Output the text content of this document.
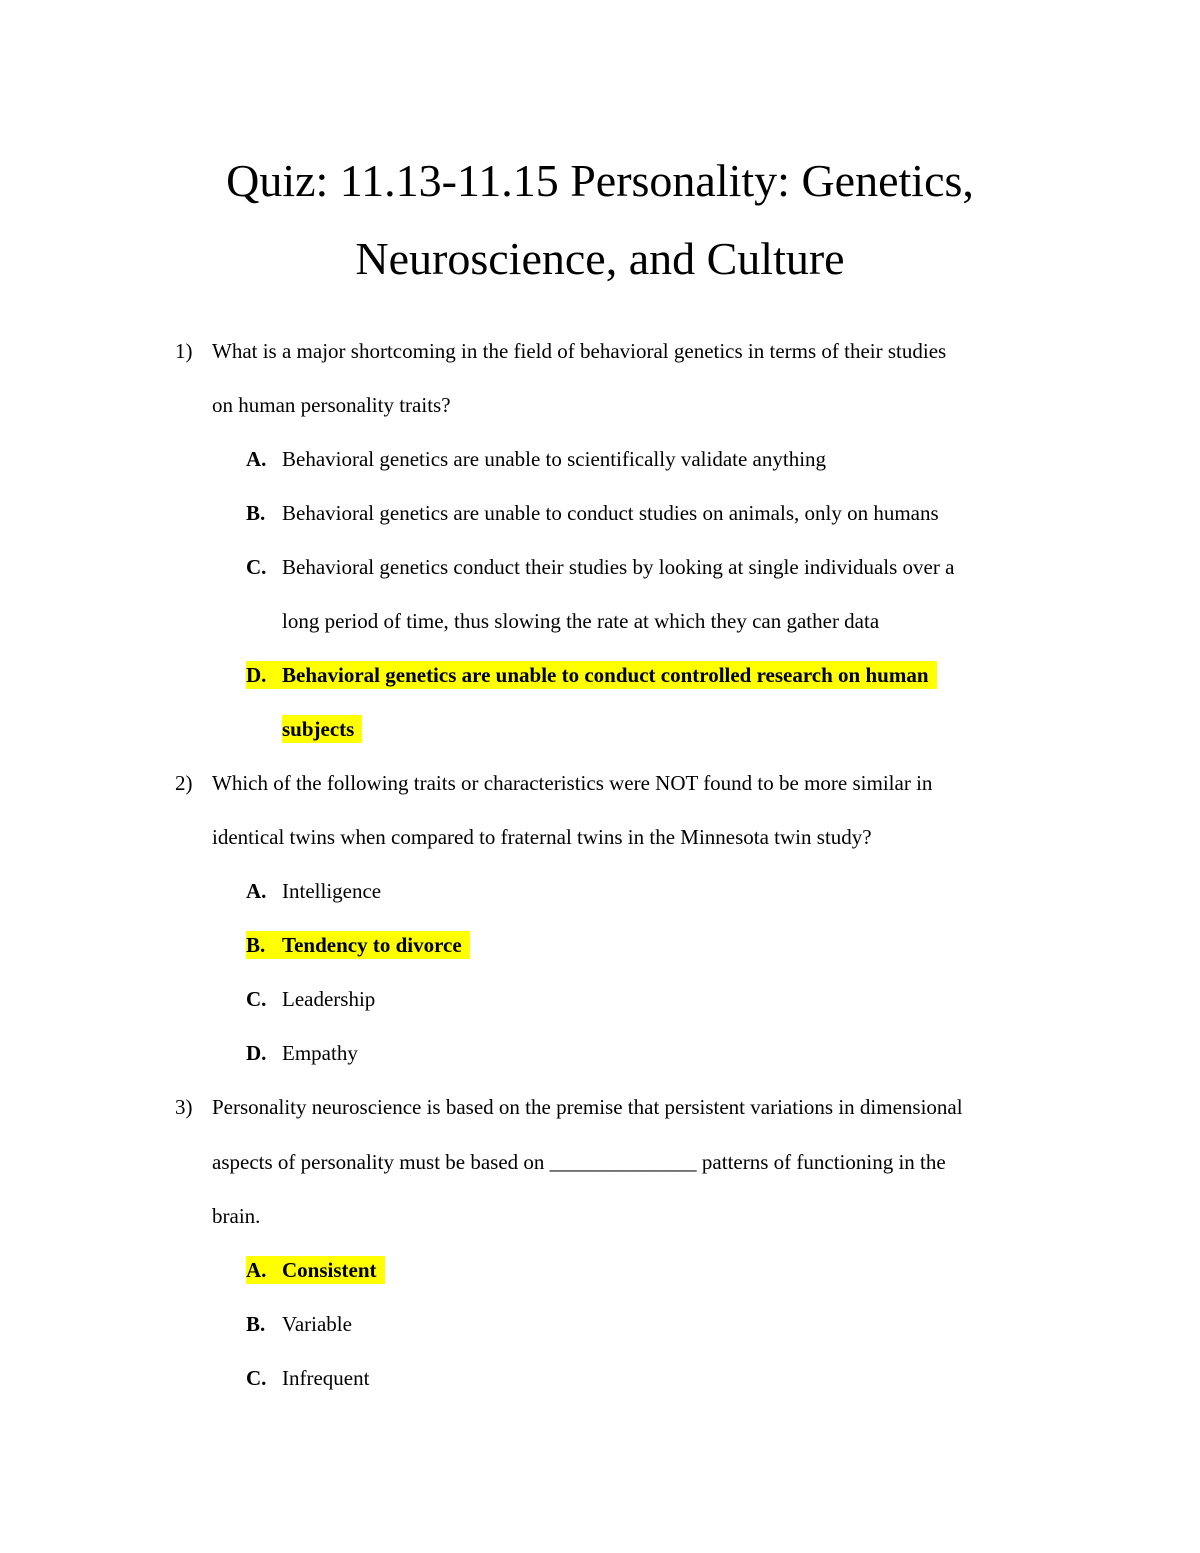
Quiz: 11.13-11.15 Personality: Genetics,
Neuroscience, and Culture
1) What is a major shortcoming in the field of behavioral genetics in terms of their studies
on human personality traits?
A. Behavioral genetics are unable to scientifically validate anything
B. Behavioral genetics are unable to conduct studies on animals, only on humans
C. Behavioral genetics conduct their studies by looking at single individuals over a
long period of time, thus slowing the rate at which they can gather data
D. Behavioral genetics are unable to conduct controlled research on human
subjects
2) Which of the following traits or characteristics were NOT found to be more similar in
identical twins when compared to fraternal twins in the Minnesota twin study?
A. Intelligence
B. Tendency to divorce
C. Leadership
D. Empathy
3) Personality neuroscience is based on the premise that persistent variations in dimensional
aspects of personality must be based on ______________ patterns of functioning in the
brain.
A. Consistent
B. Variable
C. Infrequent
